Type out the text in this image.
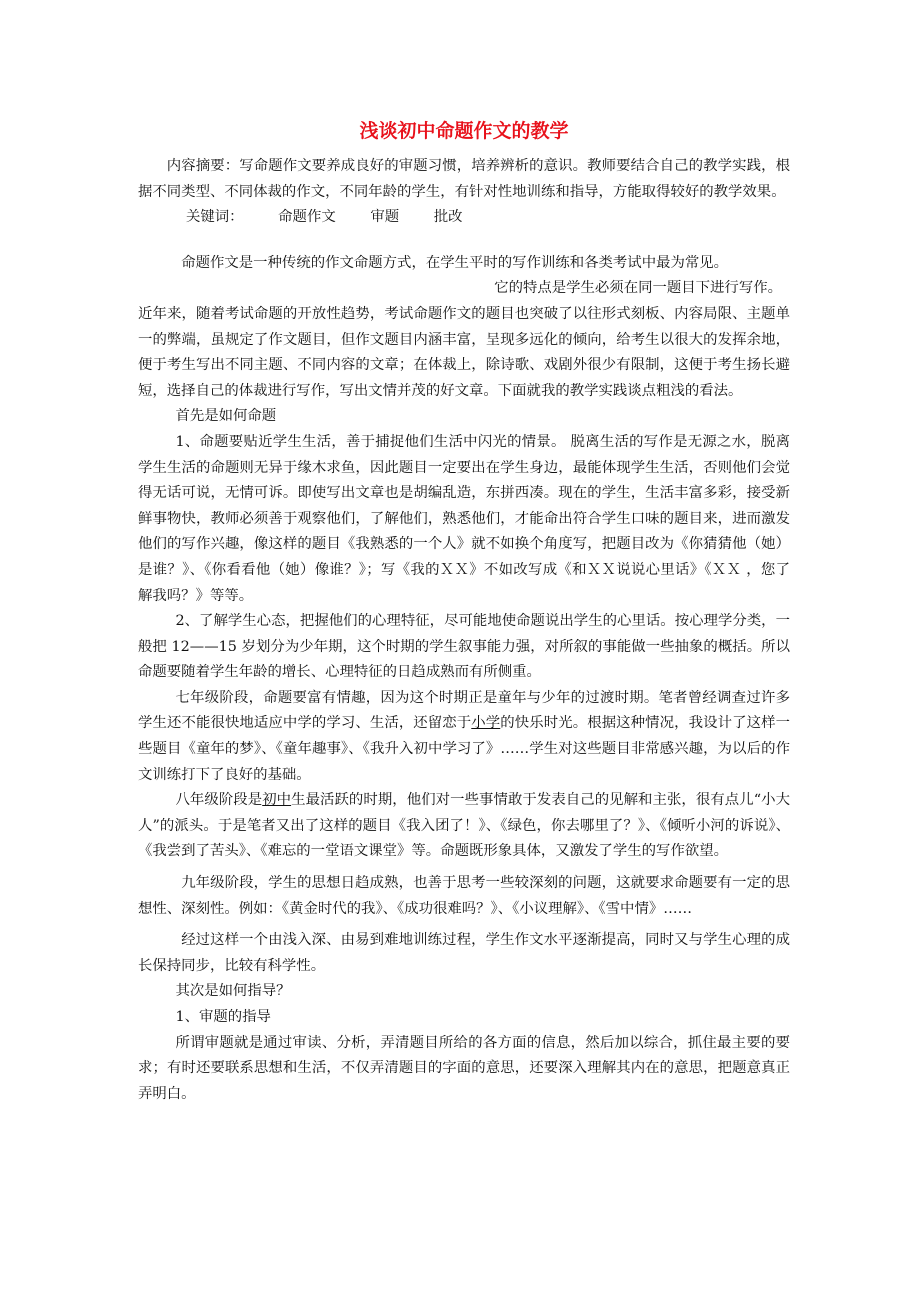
浅谈初中命题作文的教学

内容摘要：写命题作文要养成良好的审题习惯，培养辨析的意识。教师要结合自己的教学实践，根据不同类型、不同体裁的作文，不同年龄的学生，有针对性地训练和指导，方能取得较好的教学效果。

关键词： 命题作文 审题 批改

命题作文是一种传统的作文命题方式，在学生平时的写作训练和各类考试中最为常见。

它的特点是学生必须在同一题目下进行写作。

近年来，随着考试命题的开放性趋势，考试命题作文的题目也突破了以往形式刻板、内容局限、主题单一的弊端，虽规定了作文题目，但作文题目内涵丰富，呈现多远化的倾向，给考生以很大的发挥余地，便于考生写出不同主题、不同内容的文章；在体裁上，除诗歌、戏剧外很少有限制，这便于考生扬长避短，选择自己的体裁进行写作，写出文情并茂的好文章。下面就我的教学实践谈点粗浅的看法。

首先是如何命题

1、命题要贴近学生生活，善于捕捉他们生活中闪光的情景。 脱离生活的写作是无源之水，脱离学生生活的命题则无异于缘木求鱼，因此题目一定要出在学生身边，最能体现学生生活，否则他们会觉得无话可说，无情可诉。即使写出文章也是胡编乱造，东拼西凑。现在的学生，生活丰富多彩，接受新鲜事物快，教师必须善于观察他们，了解他们，熟悉他们，才能命出符合学生口味的题目来，进而激发他们的写作兴趣，像这样的题目《我熟悉的一个人》就不如换个角度写，把题目改为《你猜猜他（她）是谁？》、《你看看他（她）像谁？》；写《我的ＸＸ》不如改写成《和ＸＸ说说心里话》《ＸＸ ，您了解我吗？》等等。

2、了解学生心态，把握他们的心理特征，尽可能地使命题说出学生的心里话。按心理学分类，一般把 12——15 岁划分为少年期，这个时期的学生叙事能力强，对所叙的事能做一些抽象的概括。所以命题要随着学生年龄的增长、心理特征的日趋成熟而有所侧重。

七年级阶段，命题要富有情趣，因为这个时期正是童年与少年的过渡时期。笔者曾经调查过许多学生还不能很快地适应中学的学习、生活，还留恋于小学的快乐时光。根据这种情况，我设计了这样一些题目《童年的梦》、《童年趣事》、《我升入初中学习了》……学生对这些题目非常感兴趣，为以后的作文训练打下了良好的基础。

八年级阶段是初中生最活跃的时期，他们对一些事情敢于发表自己的见解和主张，很有点儿“小大人”的派头。于是笔者又出了这样的题目《我入团了！》、《绿色，你去哪里了？》、《倾听小河的诉说》、《我尝到了苦头》、《难忘的一堂语文课堂》等。命题既形象具体，又激发了学生的写作欲望。

九年级阶段，学生的思想日趋成熟，也善于思考一些较深刻的问题，这就要求命题要有一定的思想性、深刻性。例如：《黄金时代的我》、《成功很难吗？》、《小议理解》、《雪中情》……

经过这样一个由浅入深、由易到难地训练过程，学生作文水平逐渐提高，同时又与学生心理的成长保持同步，比较有科学性。

其次是如何指导？

1、审题的指导

所谓审题就是通过审读、分析，弄清题目所给的各方面的信息，然后加以综合，抓住最主要的要求；有时还要联系思想和生活，不仅弄清题目的字面的意思，还要深入理解其内在的意思，把题意真正弄明白。
